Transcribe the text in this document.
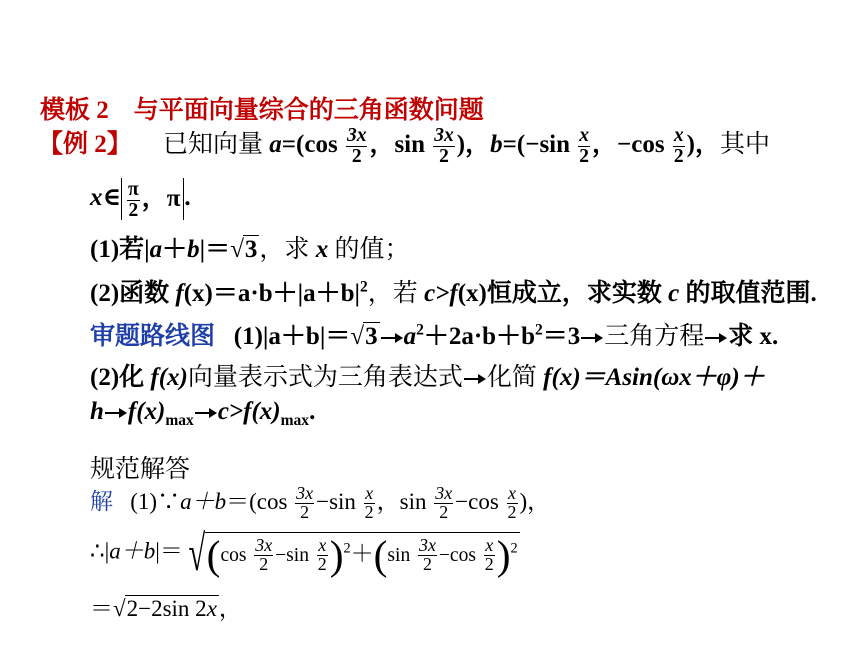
模板 2 与平面向量综合的三角函数问题
【例 2】 已知向量 $a=(\cos \frac{3x}{2}$ ，$\sin \frac{3x}{2}$ )，$b=(-\sin \frac{x}{2}$ ，$-\cos \frac{x}{2}$ )，其中
x∈ $\frac{\pi}{2}$ ，π .
(1)若|a＋b|＝√3，求 x 的值；
(2)函数 $f(x)=a\cdot b+|a+b|^2$，若 c>f(x)恒成立，求实数 c 的取值范围.
审题路线图 (1)|a＋b|＝√3 $a^2+2a\cdot b+b^2=3$ 三角方程 求 x.
(2)化 f(x)向量表示式为三角表达式 化简 f(x)＝Asin(ωx＋φ)＋
h $f(x)_{max}$ $c>f(x)_{max}$.
规范解答
解 (1)∵a＋b＝(cos $\frac{3x}{2} -\sin \frac{x}{2}$ ，$\sin \frac{3x}{2} -\cos \frac{x}{2}$ )，
∴|a＋b|＝ $√(\cos \frac{3x}{2} -\sin \frac{x}{2} )^2+(\sin \frac{3x}{2} -\cos \frac{x}{2} )^2$
＝√2−2sin 2x，
